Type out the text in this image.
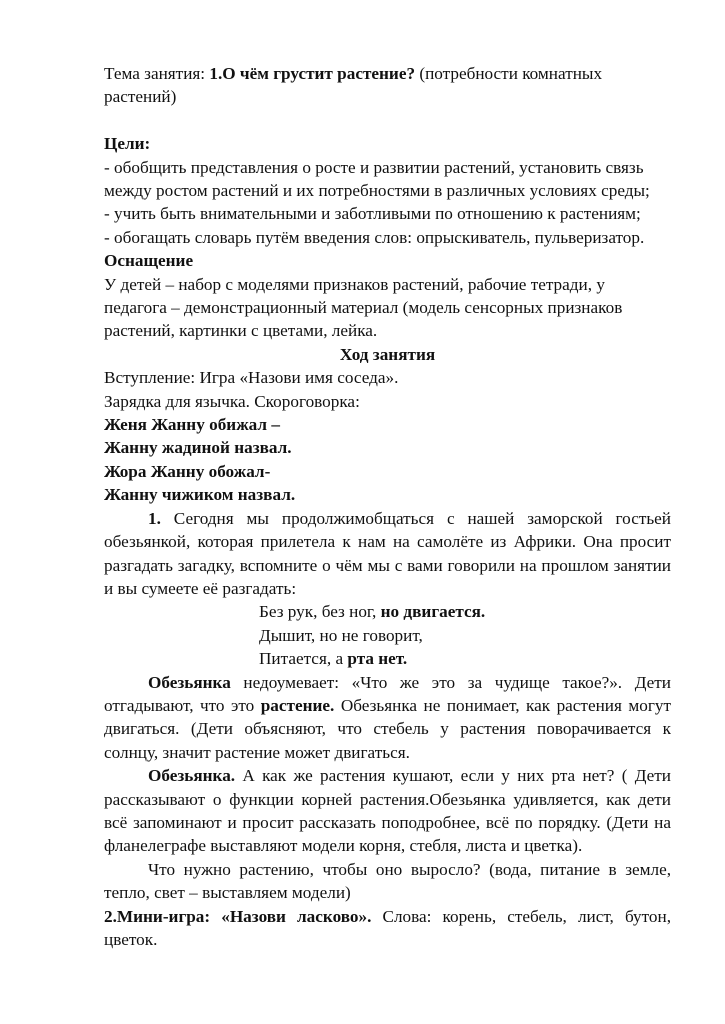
Тема занятия: 1.О чём грустит растение? (потребности комнатных растений)

Цели:

- обобщить представления о росте и развитии растений, установить связь между ростом растений и их потребностями в различных условиях среды;

- учить быть внимательными и заботливыми по отношению к растениям;

- обогащать словарь путём введения слов: опрыскиватель, пульверизатор.

Оснащение

У детей – набор с моделями признаков растений, рабочие тетради, у педагога – демонстрационный материал (модель сенсорных признаков растений, картинки с цветами, лейка.

Ход занятия

Вступление: Игра «Назови имя соседа».

Зарядка для язычка. Скороговорка:

Женя Жанну обижал –

Жанну жадиной назвал.

Жора Жанну обожал-

Жанну чижиком назвал.

1. Сегодня мы продолжимобщаться с нашей заморской гостьей обезьянкой, которая прилетела к нам на самолёте из Африки. Она просит разгадать загадку, вспомните о чём мы с вами говорили на прошлом занятии и вы сумеете её разгадать:

Без рук, без ног, но двигается.

Дышит, но не говорит,

Питается, а рта нет.

Обезьянка недоумевает: «Что же это за чудище такое?». Дети отгадывают, что это растение. Обезьянка не понимает, как растения могут двигаться. (Дети объясняют, что стебель у растения поворачивается к солнцу, значит растение может двигаться.

Обезьянка. А как же растения кушают, если у них рта нет? ( Дети рассказывают о функции корней растения.Обезьянка удивляется, как дети всё запоминают и просит рассказать поподробнее, всё по порядку. (Дети на фланелеграфе выставляют модели корня, стебля, листа и цветка).

Что нужно растению, чтобы оно выросло? (вода, питание в земле, тепло, свет – выставляем модели)

2.Мини-игра: «Назови ласково». Слова: корень, стебель, лист, бутон, цветок.
